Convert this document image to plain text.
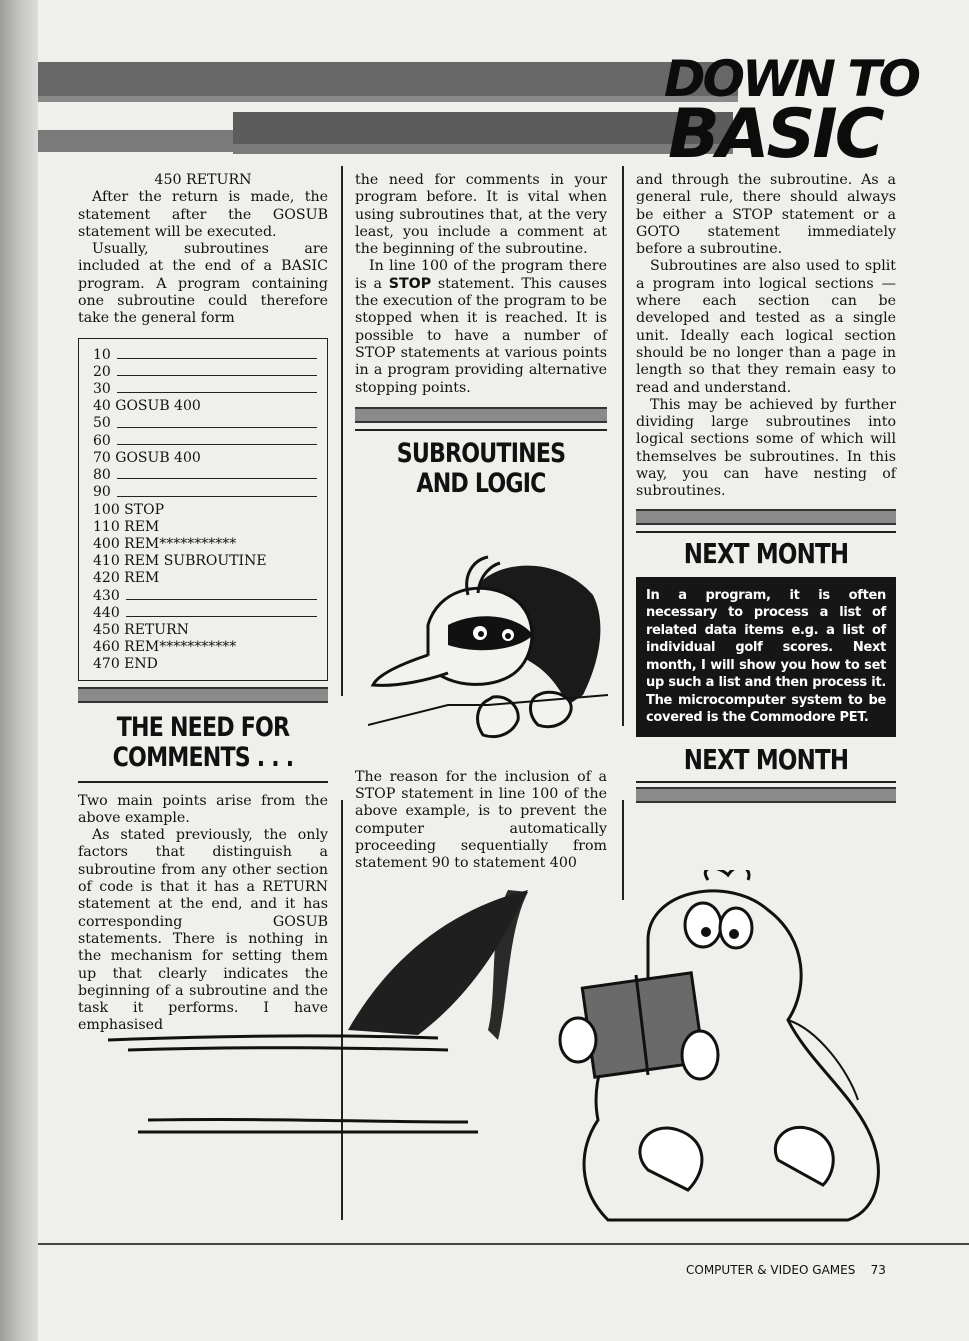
DOWN TO
BASIC

450 RETURN

After the return is made, the statement after the GOSUB statement will be executed.

Usually, subroutines are included at the end of a BASIC program. A program containing one subroutine could therefore take the general form

10
20
30
40 GOSUB 400
50
60
70 GOSUB 400
80
90
100 STOP
110 REM
400 REM***********
410 REM SUBROUTINE
420 REM
430
440
450 RETURN
460 REM***********
470 END
THE NEED FOR
COMMENTS . . .

Two main points arise from the above example.

As stated previously, the only factors that distinguish a subroutine from any other section of code is that it has a RETURN statement at the end, and it has corresponding GOSUB statements. There is nothing in the mechanism for setting them up that clearly indicates the beginning of a subroutine and the task it performs. I have emphasised

the need for comments in your program before. It is vital when using subroutines that, at the very least, you include a comment at the beginning of the subroutine.

In line 100 of the program there is a STOP statement. This causes the execution of the program to be stopped when it is reached. It is possible to have a number of STOP statements at various points in a program providing alternative stopping points.

SUBROUTINES
AND LOGIC

The reason for the inclusion of a STOP statement in line 100 of the above example, is to prevent the computer automatically proceeding sequentially from statement 90 to statement 400

and through the subroutine. As a general rule, there should always be either a STOP statement or a GOTO statement immediately before a subroutine.

Subroutines are also used to split a program into logical sections — where each section can be developed and tested as a single unit. Ideally each logical section should be no longer than a page in length so that they remain easy to read and understand.

This may be achieved by further dividing large subroutines into logical sections some of which will themselves be subroutines. In this way, you can have nesting of subroutines.

NEXT MONTH
In a program, it is often necessary to process a list of related data items e.g. a list of individual golf scores. Next month, I will show you how to set up such a list and then process it. The microcomputer system to be covered is the Commodore PET.
NEXT MONTH
COMPUTER & VIDEO GAMES 73
